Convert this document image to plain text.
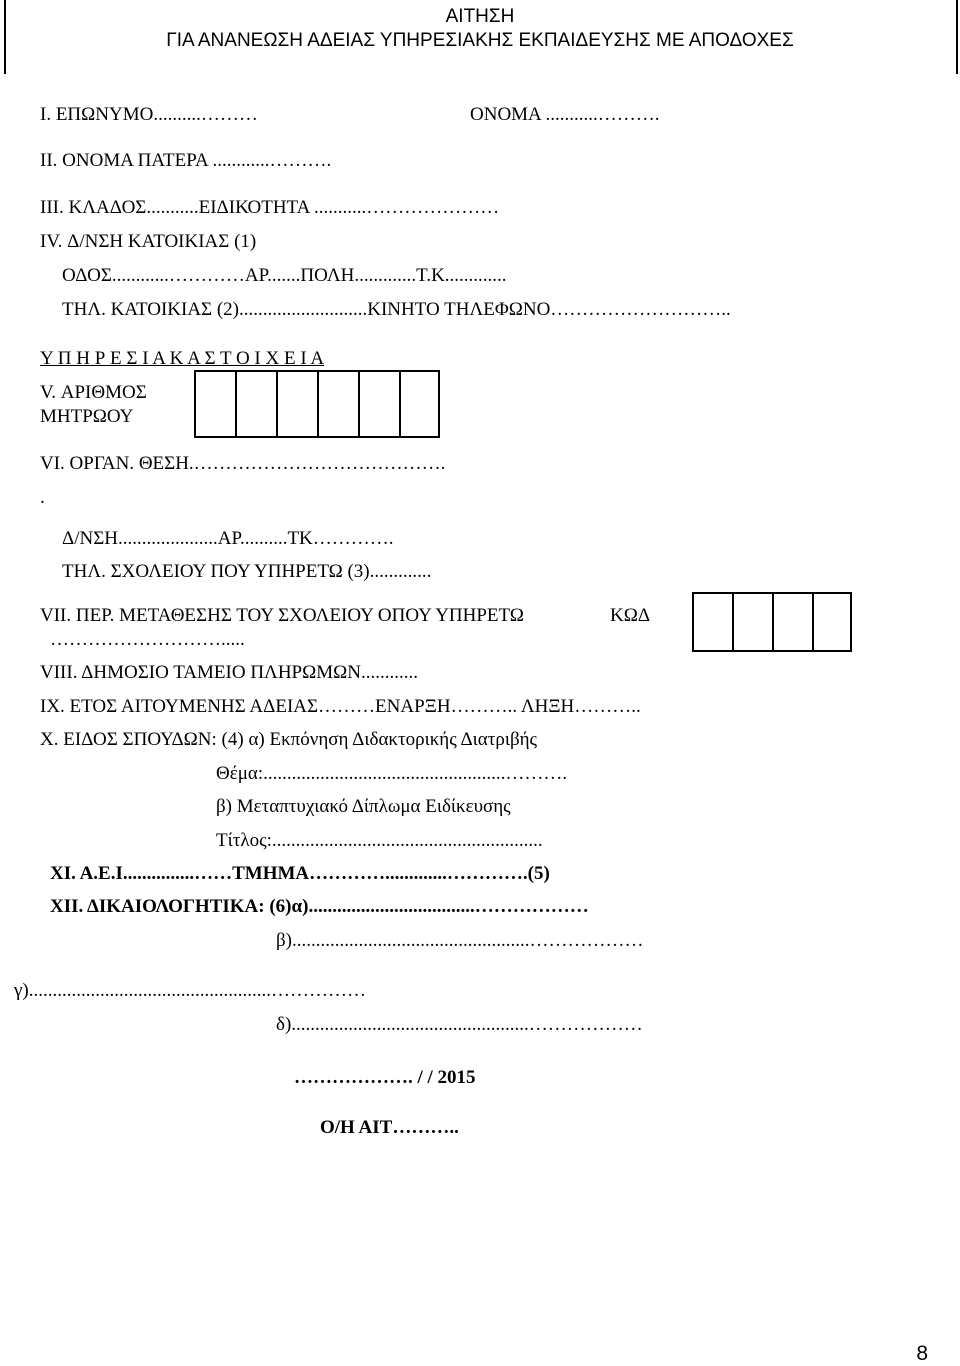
ΑΙΤΗΣΗ
ΓΙΑ ΑΝΑΝΕΩΣΗ ΑΔΕΙΑΣ ΥΠΗΡΕΣΙΑΚΗΣ ΕΚΠΑΙΔΕΥΣΗΣ ΜΕ ΑΠΟΔΟΧΕΣ
Ι. ΕΠΩΝΥΜΟ..........………	ΟΝΟΜΑ ...........……….
ΙΙ. ΟΝΟΜΑ ΠΑΤΕΡΑ ............……….
ΙΙΙ. ΚΛΑΔΟΣ...........ΕΙΔΙΚΟΤΗΤΑ ...........…………………
ΙV. Δ/ΝΣΗ ΚΑΤΟΙΚΙΑΣ (1)
ΟΔΟΣ............…………ΑΡ.......ΠΟΛΗ.............Τ.Κ.............
ΤΗΛ. ΚΑΤΟΙΚΙΑΣ (2)...........................ΚΙΝΗΤΟ ΤΗΛΕΦΩΝΟ………………………..
Υ Π Η Ρ Ε Σ Ι Α Κ Α Σ Τ Ο Ι Χ Ε Ι Α
V. ΑΡΙΘΜΟΣ
ΜΗΤΡΩΟΥ
VΙ. ΟΡΓΑΝ. ΘΕΣΗ.………………………………….
.
Δ/ΝΣΗ.....................ΑΡ..........ΤΚ………….
ΤΗΛ. ΣΧΟΛΕΙΟΥ ΠΟΥ ΥΠΗΡΕΤΩ (3).............
VΙΙ. ΠΕΡ. ΜΕΤΑΘΕΣΗΣ ΤΟΥ ΣΧΟΛΕΙΟΥ ΟΠΟΥ ΥΠΗΡΕΤΩ	ΚΩΔ
……………………….....
VΙΙΙ. ΔΗΜΟΣΙΟ ΤΑΜΕΙΟ ΠΛΗΡΩΜΩΝ............
ΙΧ. ΕΤΟΣ ΑΙΤΟΥΜΕΝΗΣ ΑΔΕΙΑΣ………ΕΝΑΡΞΗ……….. ΛΗΞΗ………..
Χ. ΕΙΔΟΣ ΣΠΟΥΔΩΝ: (4) α) Εκπόνηση Διδακτορικής Διατριβής
Θέμα:...................................................……….
β) Μεταπτυχιακό Δίπλωμα Ειδίκευσης
Τίτλος:.........................................................
ΧΙ. Α.Ε.Ι...............……ΤΜΗΜΑ………….............………….(5)
ΧΙΙ. ΔΙΚΑΙΟΛΟΓΗΤΙΚΑ: (6)α)...................................………………
β)..................................................………………
γ)...................................................……………
δ)..................................................………………
………………. / / 2015
Ο/Η ΑΙΤ………..
8
